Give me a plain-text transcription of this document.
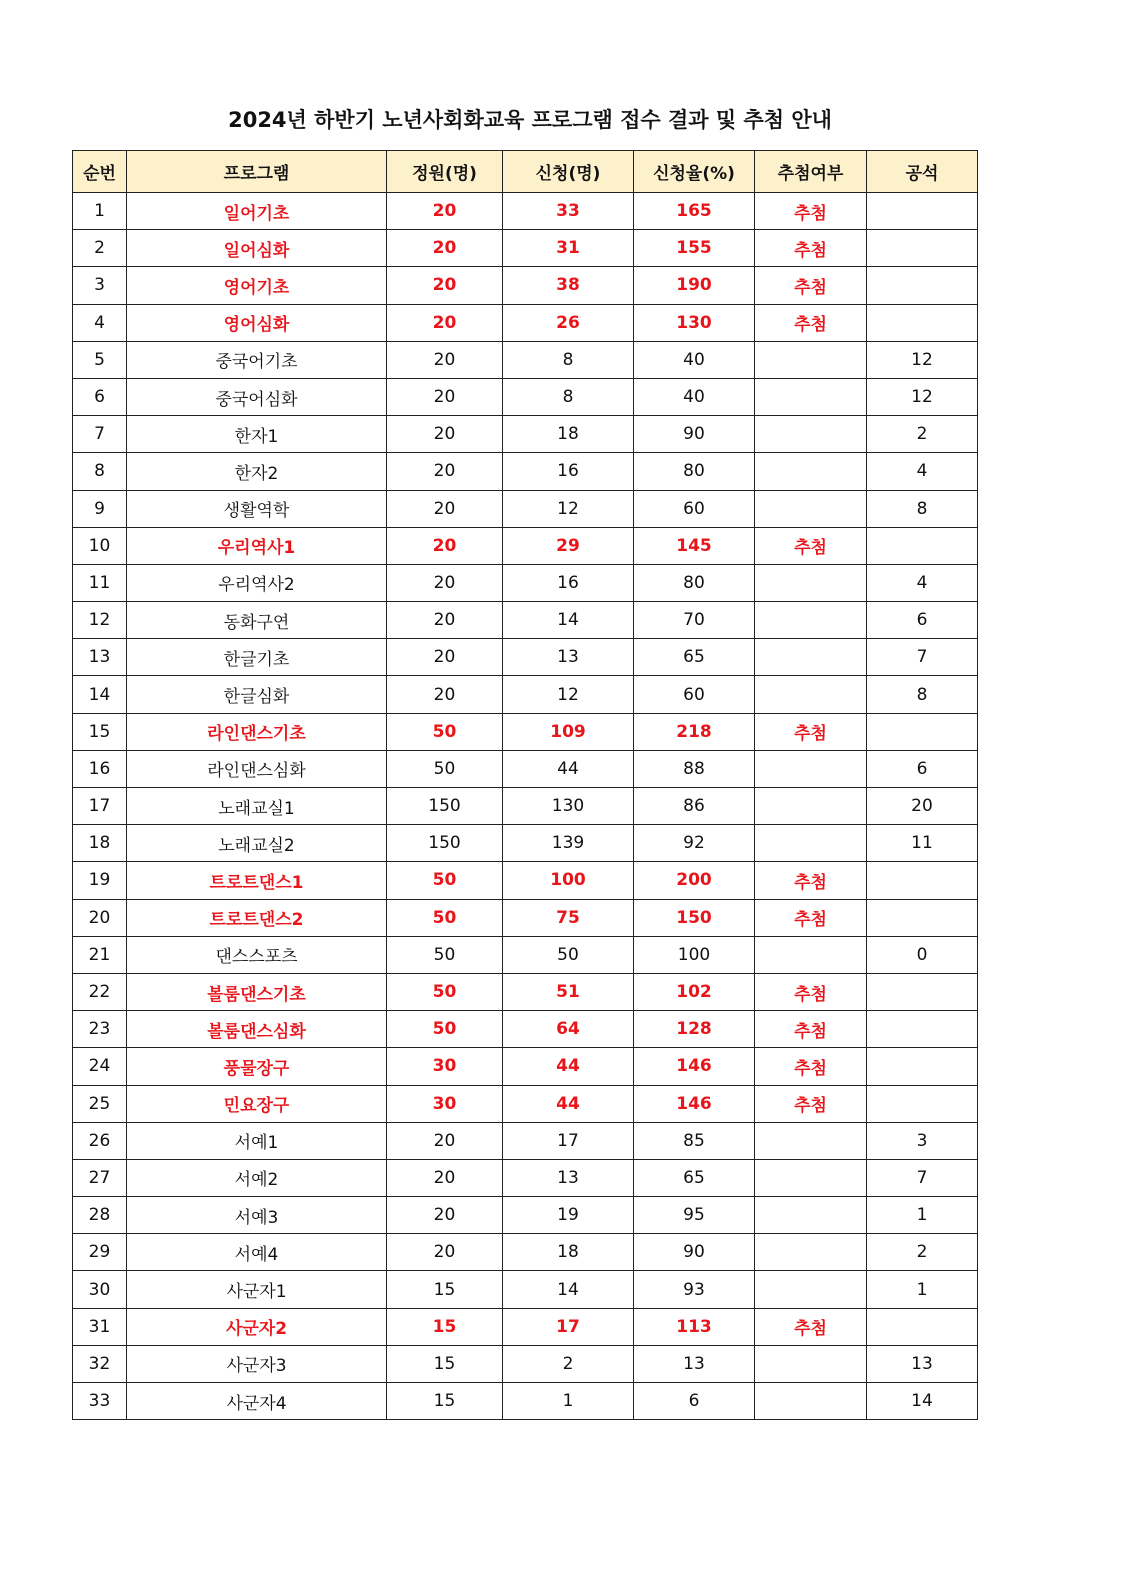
2024년 하반기 노년사회화교육 프로그램 접수 결과 및 추첨 안내
순번	프로그램	정원(명)	신청(명)	신청율(%)	추첨여부	공석
1	일어기초	20	33	165	추첨	
2	일어심화	20	31	155	추첨	
3	영어기초	20	38	190	추첨	
4	영어심화	20	26	130	추첨	
5	중국어기초	20	8	40		12
6	중국어심화	20	8	40		12
7	한자1	20	18	90		2
8	한자2	20	16	80		4
9	생활역학	20	12	60		8
10	우리역사1	20	29	145	추첨	
11	우리역사2	20	16	80		4
12	동화구연	20	14	70		6
13	한글기초	20	13	65		7
14	한글심화	20	12	60		8
15	라인댄스기초	50	109	218	추첨	
16	라인댄스심화	50	44	88		6
17	노래교실1	150	130	86		20
18	노래교실2	150	139	92		11
19	트로트댄스1	50	100	200	추첨	
20	트로트댄스2	50	75	150	추첨	
21	댄스스포츠	50	50	100		0
22	볼룸댄스기초	50	51	102	추첨	
23	볼룸댄스심화	50	64	128	추첨	
24	풍물장구	30	44	146	추첨	
25	민요장구	30	44	146	추첨	
26	서예1	20	17	85		3
27	서예2	20	13	65		7
28	서예3	20	19	95		1
29	서예4	20	18	90		2
30	사군자1	15	14	93		1
31	사군자2	15	17	113	추첨	
32	사군자3	15	2	13		13
33	사군자4	15	1	6		14
